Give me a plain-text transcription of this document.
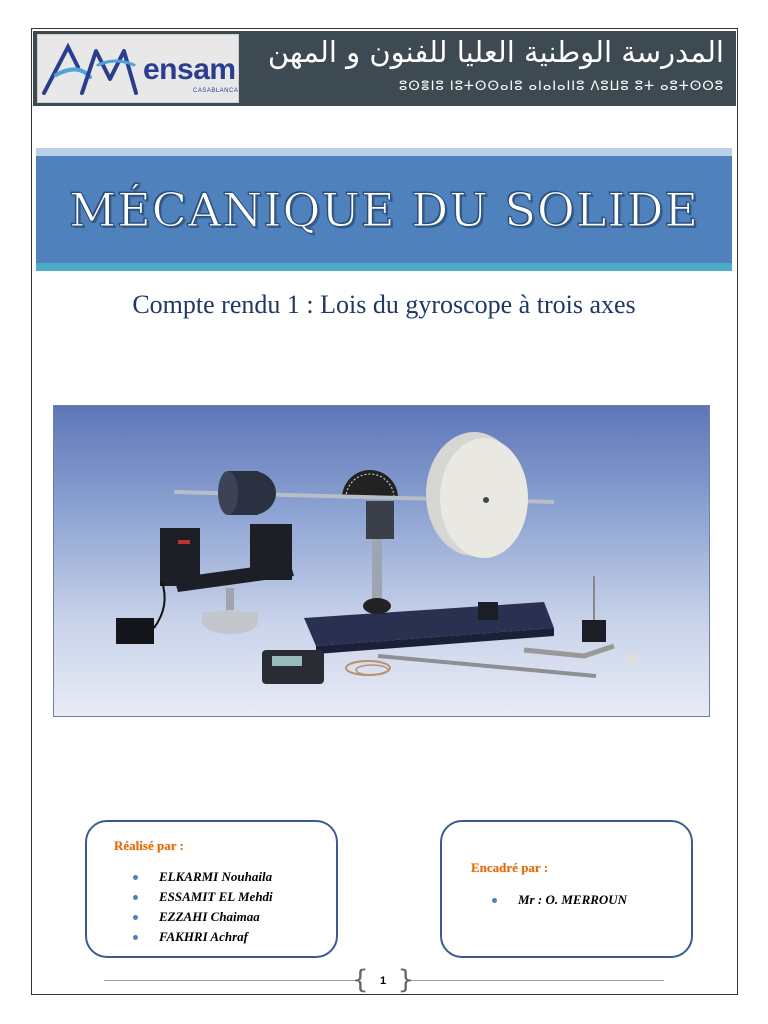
ensam
CASABLANCA
المدرسة الوطنية العليا للفنون و المهن
ⵓⵙⴻⵏⵓ ⵏⵓⵜⵙⵙⴰⵏⵓ ⴰⵏⴰⵏⴰⵏⵏⵓ ⴷⵓⵡⵓ ⵓⵜ ⴰⵓⵜⵙⵙⵓ
MÉCANIQUE DU SOLIDE
Compte rendu 1 : Lois du gyroscope à trois axes
Réalisé par :
ELKARMI Nouhaila
ESSAMIT EL Mehdi
EZZAHI Chaimaa
FAKHRI Achraf
Encadré par :
Mr : O. MERROUN
{ 1 }
